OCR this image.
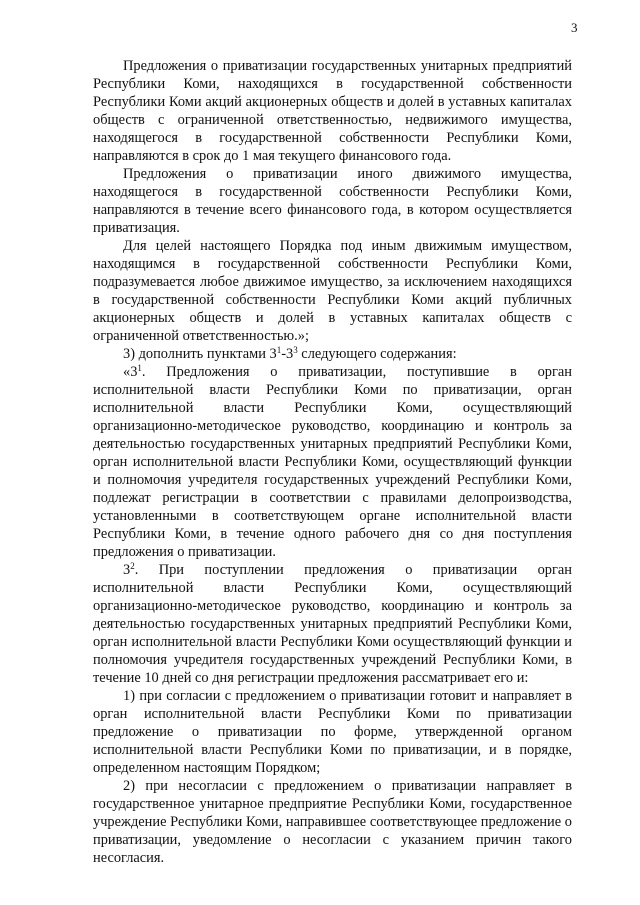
3

Предложения о приватизации государственных унитарных предприятий Республики Коми, находящихся в государственной собственности Республики Коми акций акционерных обществ и долей в уставных капиталах обществ с ограниченной ответственностью, недвижимого имущества, находящегося в государственной собственности Республики Коми, направляются в срок до 1 мая текущего финансового года.

Предложения о приватизации иного движимого имущества, находящегося в государственной собственности Республики Коми, направляются в течение всего финансового года, в котором осуществляется приватизация.

Для целей настоящего Порядка под иным движимым имуществом, находящимся в государственной собственности Республики Коми, подразумевается любое движимое имущество, за исключением находящихся в государственной собственности Республики Коми акций публичных акционерных обществ и долей в уставных капиталах обществ с ограниченной ответственностью.»;

3) дополнить пунктами $3^1-3^3$ следующего содержания:

«$3^1$. Предложения о приватизации, поступившие в орган исполнительной власти Республики Коми по приватизации, орган исполнительной власти Республики Коми, осуществляющий организационно-методическое руководство, координацию и контроль за деятельностью государственных унитарных предприятий Республики Коми, орган исполнительной власти Республики Коми, осуществляющий функции и полномочия учредителя государственных учреждений Республики Коми, подлежат регистрации в соответствии с правилами делопроизводства, установленными в соответствующем органе исполнительной власти Республики Коми, в течение одного рабочего дня со дня поступления предложения о приватизации.

$3^2$. При поступлении предложения о приватизации орган исполнительной власти Республики Коми, осуществляющий организационно-методическое руководство, координацию и контроль за деятельностью государственных унитарных предприятий Республики Коми, орган исполнительной власти Республики Коми осуществляющий функции и полномочия учредителя государственных учреждений Республики Коми, в течение 10 дней со дня регистрации предложения рассматривает его и:

1) при согласии с предложением о приватизации готовит и направляет в орган исполнительной власти Республики Коми по приватизации предложение о приватизации по форме, утвержденной органом исполнительной власти Республики Коми по приватизации, и в порядке, определенном настоящим Порядком;

2) при несогласии с предложением о приватизации направляет в государственное унитарное предприятие Республики Коми, государственное учреждение Республики Коми, направившее соответствующее предложение о приватизации, уведомление о несогласии с указанием причин такого несогласия.
